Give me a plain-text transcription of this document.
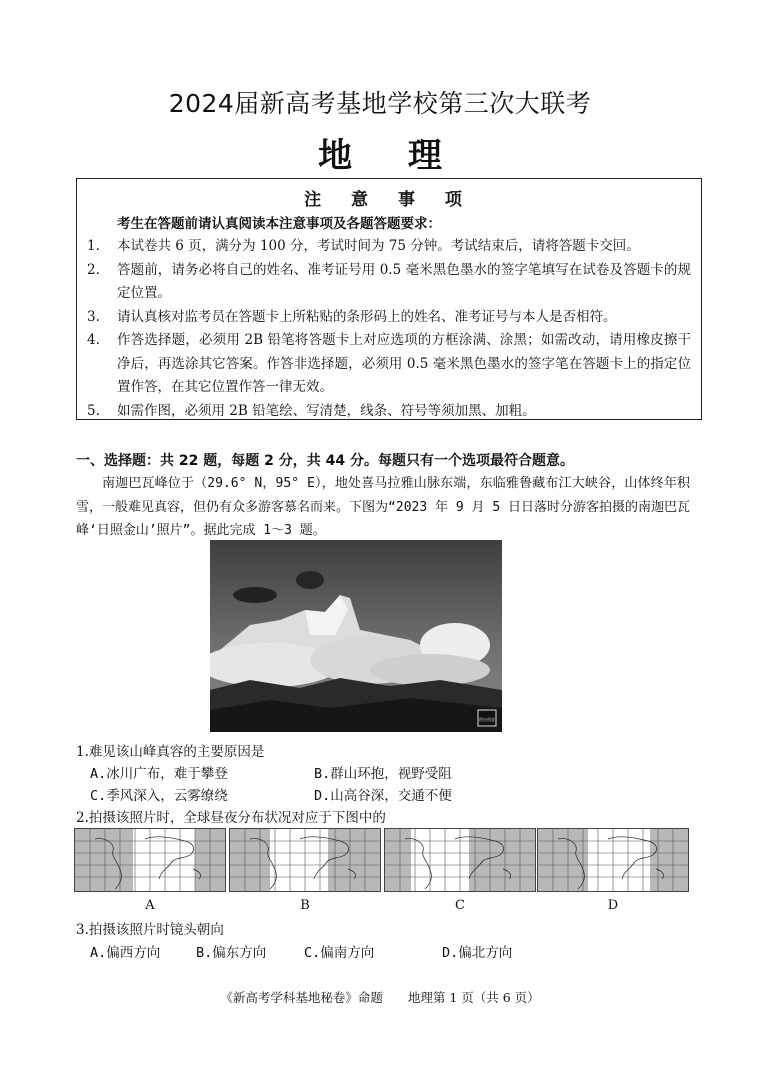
2024届新高考基地学校第三次大联考
地 理
注 意 事 项
考生在答题前请认真阅读本注意事项及各题答题要求：
1.	本试卷共 6 页，满分为 100 分，考试时间为 75 分钟。考试结束后，请将答题卡交回。
2.	答题前，请务必将自己的姓名、准考证号用 0.5 毫米黑色墨水的签字笔填写在试卷及答题卡的规定位置。
3.	请认真核对监考员在答题卡上所粘贴的条形码上的姓名、准考证号与本人是否相符。
4.	作答选择题，必须用 2B 铅笔将答题卡上对应选项的方框涂满、涂黑；如需改动，请用橡皮擦干净后，再选涂其它答案。作答非选择题，必须用 0.5 毫米黑色墨水的签字笔在答题卡上的指定位置作答，在其它位置作答一律无效。
5.	如需作图，必须用 2B 铅笔绘、写清楚，线条、符号等须加黑、加粗。
一、选择题：共 22 题，每题 2 分，共 44 分。每题只有一个选项最符合题意。
南迦巴瓦峰位于（29.6° N，95° E），地处喜马拉雅山脉东端，东临雅鲁藏布江大峡谷，山体终年积雪，一般难见真容，但仍有众多游客慕名而来。下图为“2023 年 9 月 5 日日落时分游客拍摄的南迦巴瓦峰‘日照金山’照片”。据此完成 1～3 题。
图虫创意
1.难见该山峰真容的主要原因是
A.冰川广布，难于攀登	B.群山环抱，视野受阻
C.季风深入，云雾缭绕	D.山高谷深，交通不便
2.拍摄该照片时，全球昼夜分布状况对应于下图中的
A	B	C	D
3.拍摄该照片时镜头朝向
A.偏西方向	B.偏东方向	C.偏南方向	D.偏北方向
《新高考学科基地秘卷》命题　　地理第 1 页（共 6 页）
